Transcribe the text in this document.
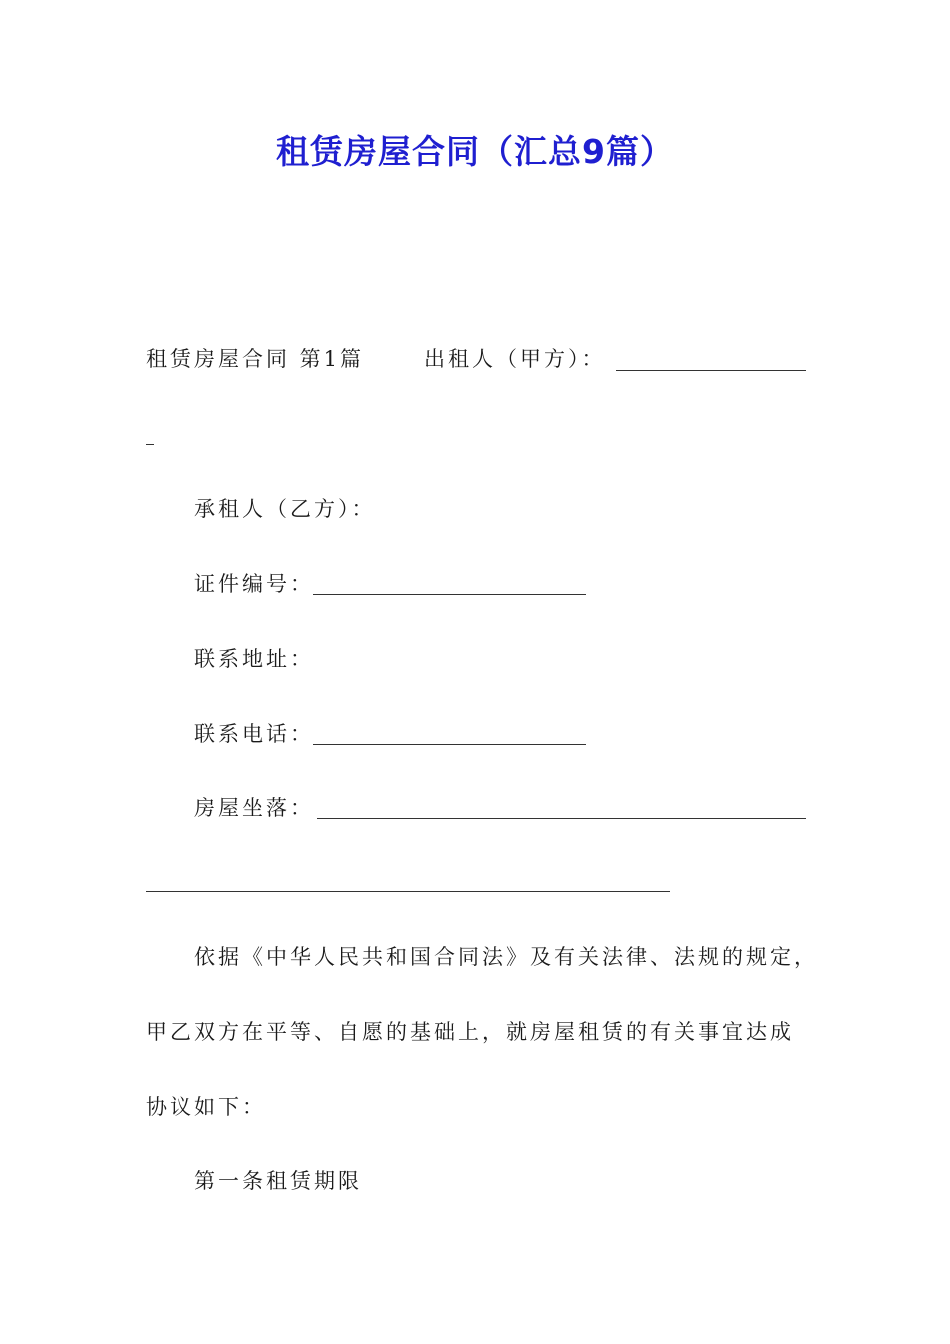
租赁房屋合同（汇总9篇）
租赁房屋合同 第1篇	出租人（甲方）：
承租人（乙方）：
证件编号：
联系地址：
联系电话：
房屋坐落：
依据《中华人民共和国合同法》及有关法律、法规的规定，
甲乙双方在平等、自愿的基础上，就房屋租赁的有关事宜达成
协议如下：
第一条租赁期限
